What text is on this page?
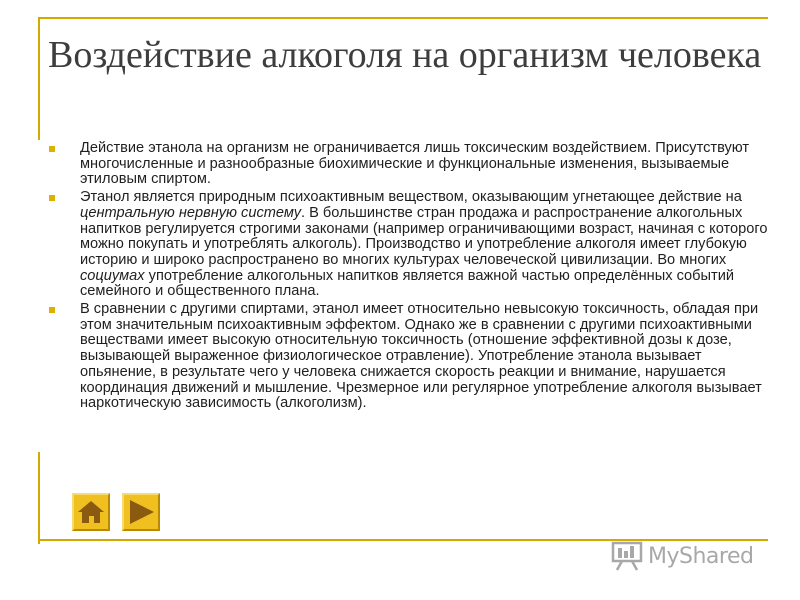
Воздействие алкоголя на организм человека
Действие этанола на организм не ограничивается лишь токсическим воздействием. Присутствуют многочисленные и разнообразные биохимические и функциональные изменения, вызываемые этиловым спиртом.
Этанол является природным психоактивным веществом, оказывающим угнетающее действие на центральную нервную систему. В большинстве стран продажа и распространение алкогольных напитков регулируется строгими законами (например ограничивающими возраст, начиная с которого можно покупать и употреблять алкоголь). Производство и употребление алкоголя имеет глубокую историю и широко распространено во многих культурах человеческой цивилизации. Во многих социумах употребление алкогольных напитков является важной частью определённых событий семейного и общественного плана.
В сравнении с другими спиртами, этанол имеет относительно невысокую токсичность, обладая при этом значительным психоактивным эффектом. Однако же в сравнении с другими психоактивными веществами имеет высокую относительную токсичность (отношение эффективной дозы к дозе, вызывающей выраженное физиологическое отравление). Употребление этанола вызывает опьянение, в результате чего у человека снижается скорость реакции и внимание, нарушается координация движений и мышление. Чрезмерное или регулярное употребление алкоголя вызывает наркотическую зависимость (алкоголизм).
MyShared
